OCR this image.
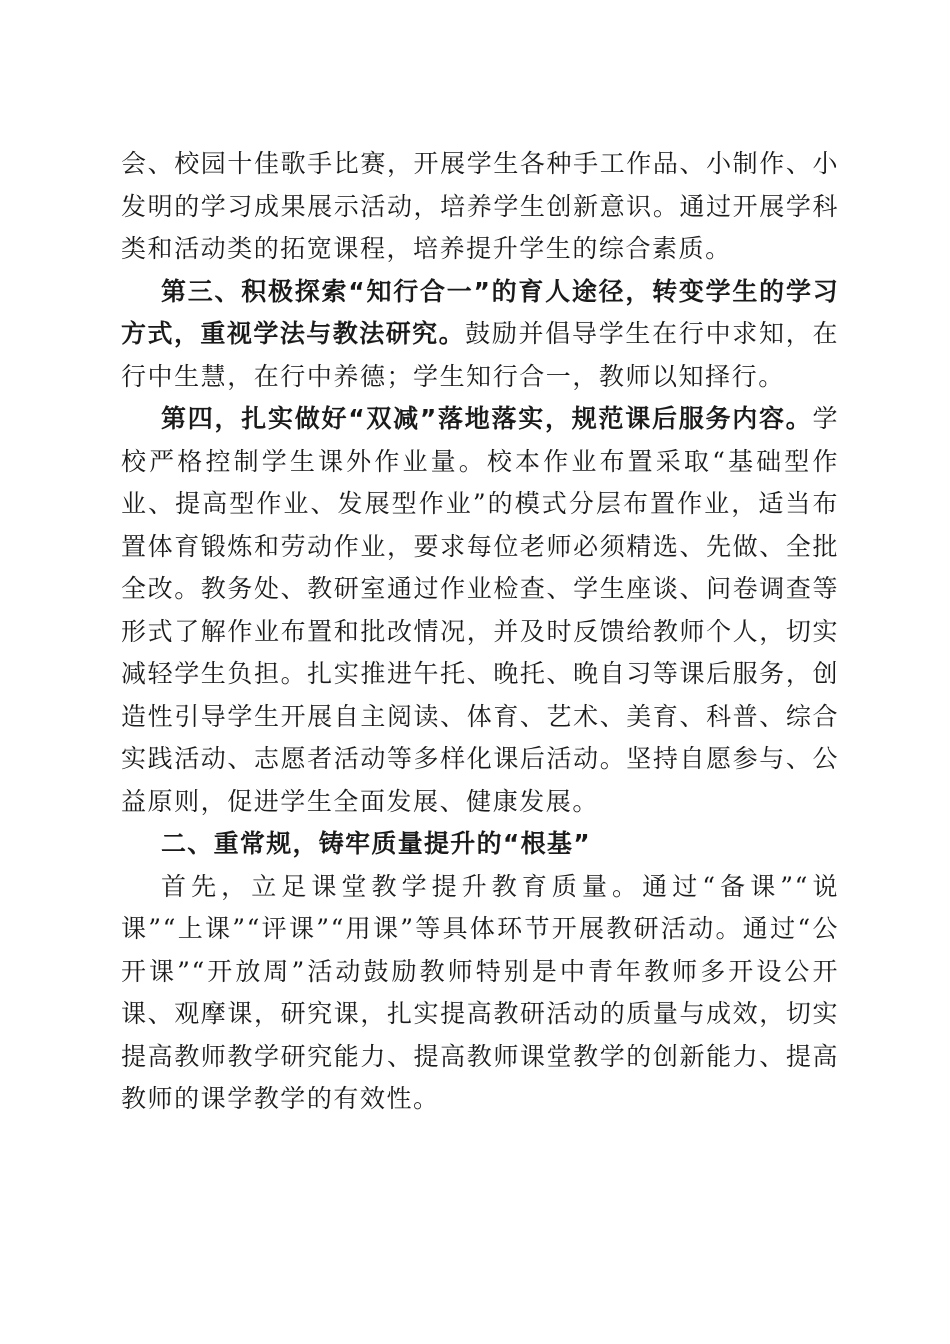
会、校园十佳歌手比赛，开展学生各种手工作品、小制作、小发明的学习成果展示活动，培养学生创新意识。通过开展学科类和活动类的拓宽课程，培养提升学生的综合素质。

第三、积极探索“知行合一”的育人途径，转变学生的学习方式，重视学法与教法研究。鼓励并倡导学生在行中求知，在行中生慧，在行中养德；学生知行合一，教师以知择行。

第四，扎实做好“双减”落地落实，规范课后服务内容。学校严格控制学生课外作业量。校本作业布置采取“基础型作业、提高型作业、发展型作业”的模式分层布置作业，适当布置体育锻炼和劳动作业，要求每位老师必须精选、先做、全批全改。教务处、教研室通过作业检查、学生座谈、问卷调查等形式了解作业布置和批改情况，并及时反馈给教师个人，切实减轻学生负担。扎实推进午托、晚托、晚自习等课后服务，创造性引导学生开展自主阅读、体育、艺术、美育、科普、综合实践活动、志愿者活动等多样化课后活动。坚持自愿参与、公益原则，促进学生全面发展、健康发展。

二、重常规，铸牢质量提升的“根基”

首先，立足课堂教学提升教育质量。通过“备课”“说课”“上课”“评课”“用课”等具体环节开展教研活动。通过“公开课”“开放周”活动鼓励教师特别是中青年教师多开设公开课、观摩课，研究课，扎实提高教研活动的质量与成效，切实提高教师教学研究能力、提高教师课堂教学的创新能力、提高教师的课学教学的有效性。
